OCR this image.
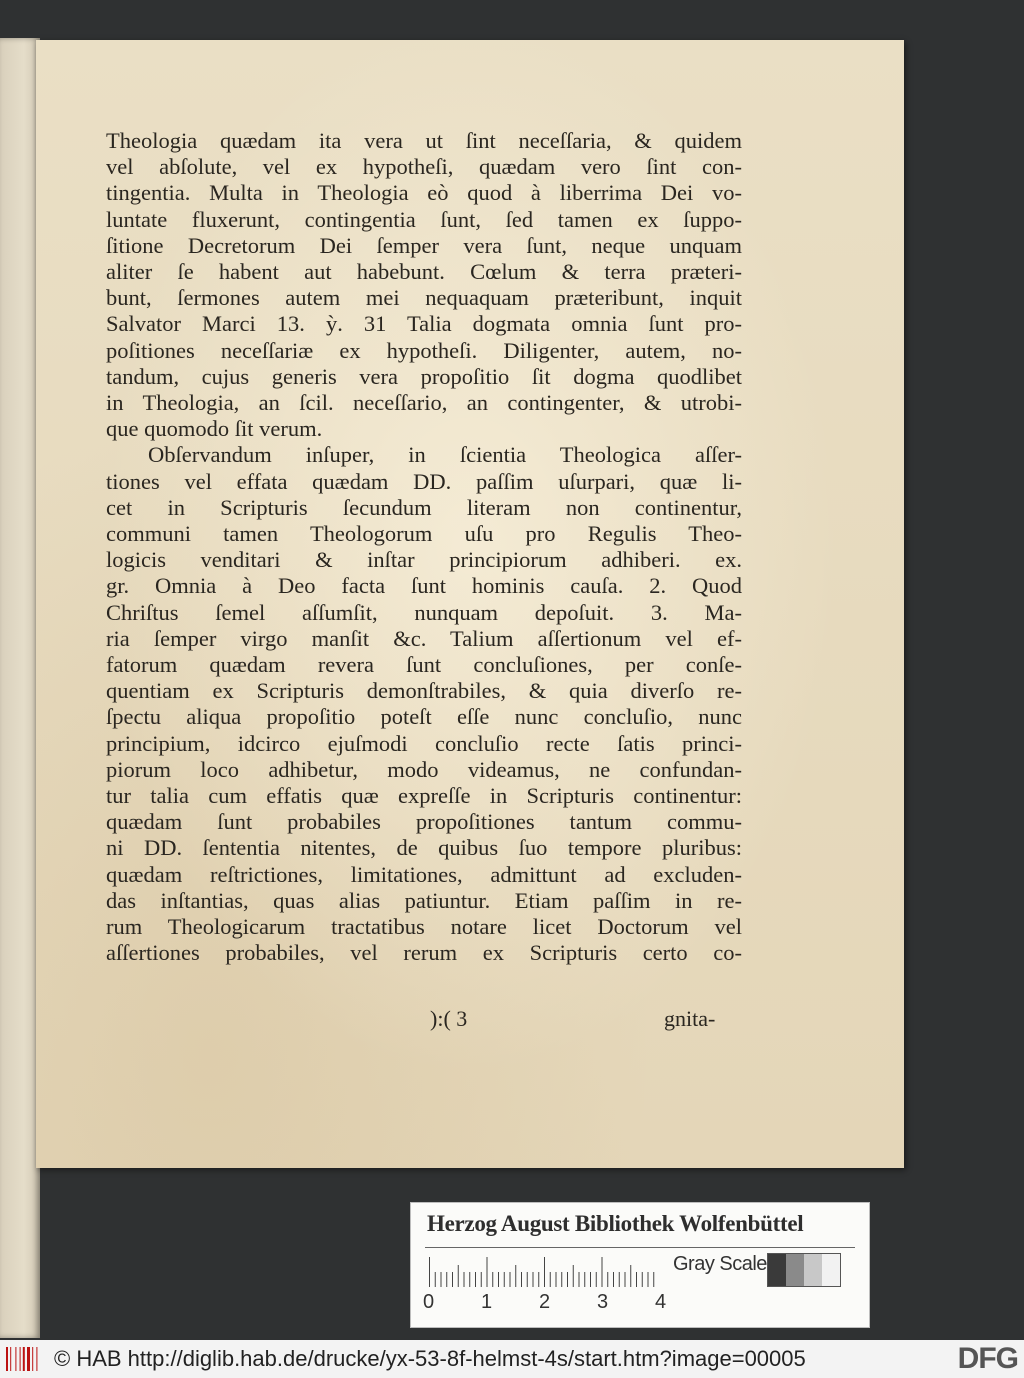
Theologia quædam ita vera ut ſint neceſſaria, & quidem
vel abſolute, vel ex hypotheſi, quædam vero ſint con-
tingentia. Multa in Theologia eò quod à liberrima Dei vo-
luntate fluxerunt, contingentia ſunt, ſed tamen ex ſuppo-
ſitione Decretorum Dei ſemper vera ſunt, neque unquam
aliter ſe habent aut habebunt. Cœlum & terra præteri-
bunt, ſermones autem mei nequaquam præteribunt, inquit
Salvator Marci 13. ỳ. 31 Talia dogmata omnia ſunt pro-
poſitiones neceſſariæ ex hypotheſi. Diligenter, autem, no-
tandum, cujus generis vera propoſitio ſit dogma quodlibet
in Theologia, an ſcil. neceſſario, an contingenter, & utrobi-
que quomodo ſit verum.
Obſervandum inſuper, in ſcientia Theologica aſſer-
tiones vel effata quædam DD. paſſim uſurpari, quæ li-
cet in Scripturis ſecundum literam non continentur,
communi tamen Theologorum uſu pro Regulis Theo-
logicis venditari & inſtar principiorum adhiberi. ex.
gr. Omnia à Deo facta ſunt hominis cauſa. 2. Quod
Chriſtus ſemel aſſumſit, nunquam depoſuit. 3. Ma-
ria ſemper virgo manſit &c. Talium aſſertionum vel ef-
fatorum quædam revera ſunt concluſiones, per conſe-
quentiam ex Scripturis demonſtrabiles, & quia diverſo re-
ſpectu aliqua propoſitio poteſt eſſe nunc concluſio, nunc
principium, idcirco ejuſmodi concluſio recte ſatis princi-
piorum loco adhibetur, modo videamus, ne confundan-
tur talia cum effatis quæ expreſſe in Scripturis continentur:
quædam ſunt probabiles propoſitiones tantum commu-
ni DD. ſententia nitentes, de quibus ſuo tempore pluribus:
quædam reſtrictiones, limitationes, admittunt ad excluden-
das inſtantias, quas alias patiuntur. Etiam paſſim in re-
rum Theologicarum tractatibus notare licet Doctorum vel
aſſertiones probabiles, vel rerum ex Scripturis certo co-
):( 3	gnita-
Herzog August Bibliothek Wolfenbüttel
0 1 2 3 4
Gray Scale
© HAB http://diglib.hab.de/drucke/yx-53-8f-helmst-4s/start.htm?image=00005	DFG
